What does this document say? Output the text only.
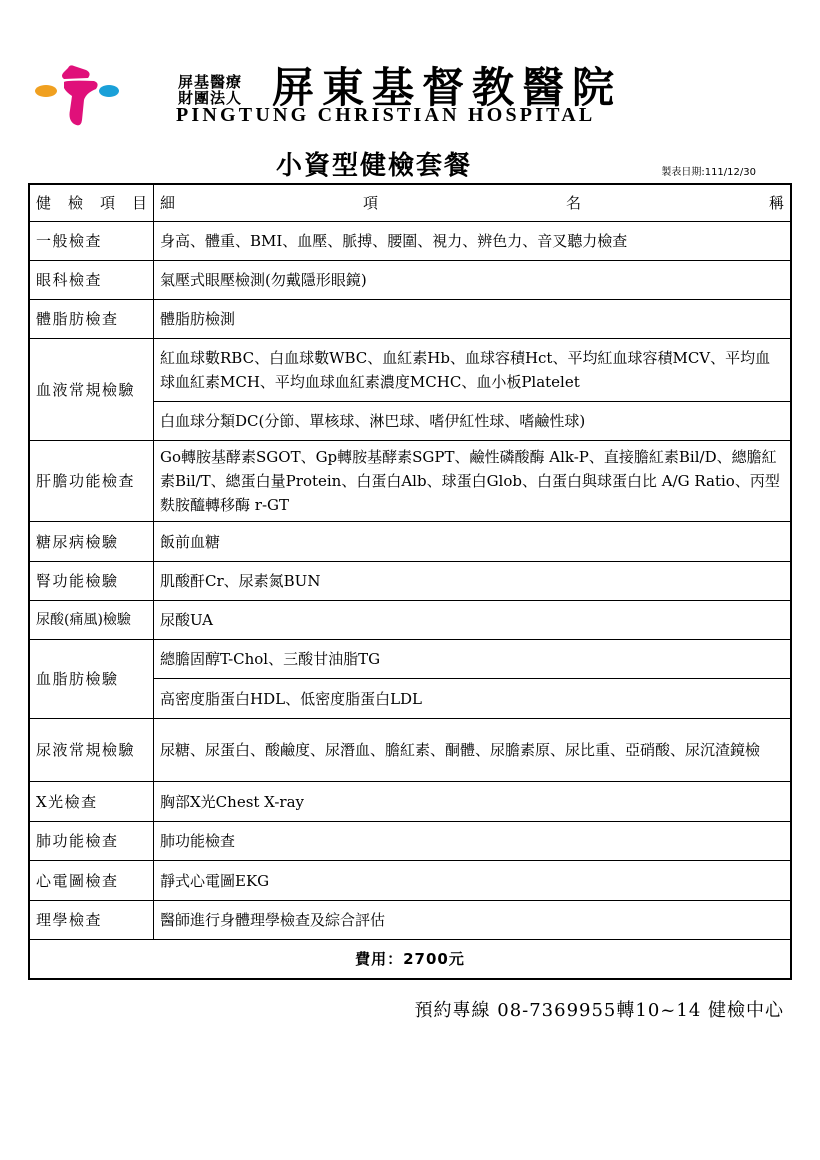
屏基醫療
財團法人 屏東基督教醫院
PINGTUNG CHRISTIAN HOSPITAL
小資型健檢套餐	製表日期:111/12/30
健 檢 項 目	細 項 名 稱

一般檢查	身高、體重、BMI、血壓、脈搏、腰圍、視力、辨色力、音叉聽力檢查
眼科檢查	氣壓式眼壓檢測(勿戴隱形眼鏡)
體脂肪檢查	體脂肪檢測
血液常規檢驗	紅血球數RBC、白血球數WBC、血紅素Hb、血球容積Hct、平均紅血球容積MCV、平均血球血紅素MCH、平均血球血紅素濃度MCHC、血小板Platelet
	白血球分類DC(分節、單核球、淋巴球、嗜伊紅性球、嗜鹼性球)
肝膽功能檢查	Go轉胺基酵素SGOT、Gp轉胺基酵素SGPT、鹼性磷酸酶 Alk-P、直接膽紅素Bil/D、總膽紅素Bil/T、總蛋白量Protein、白蛋白Alb、球蛋白Glob、白蛋白與球蛋白比 A/G Ratio、丙型麩胺醯轉移酶 r-GT
糖尿病檢驗	飯前血糖
腎功能檢驗	肌酸酐Cr、尿素氮BUN
尿酸(痛風)檢驗	尿酸UA
血脂肪檢驗	總膽固醇T-Chol、三酸甘油脂TG
	高密度脂蛋白HDL、低密度脂蛋白LDL
尿液常規檢驗	尿糖、尿蛋白、酸鹼度、尿潛血、膽紅素、酮體、尿膽素原、尿比重、亞硝酸、尿沉渣鏡檢
X光檢查	胸部X光Chest X-ray
肺功能檢查	肺功能檢查
心電圖檢查	靜式心電圖EKG
理學檢查	醫師進行身體理學檢查及綜合評估
費用：2700元	
預約專線 08-7369955轉10~14 健檢中心
